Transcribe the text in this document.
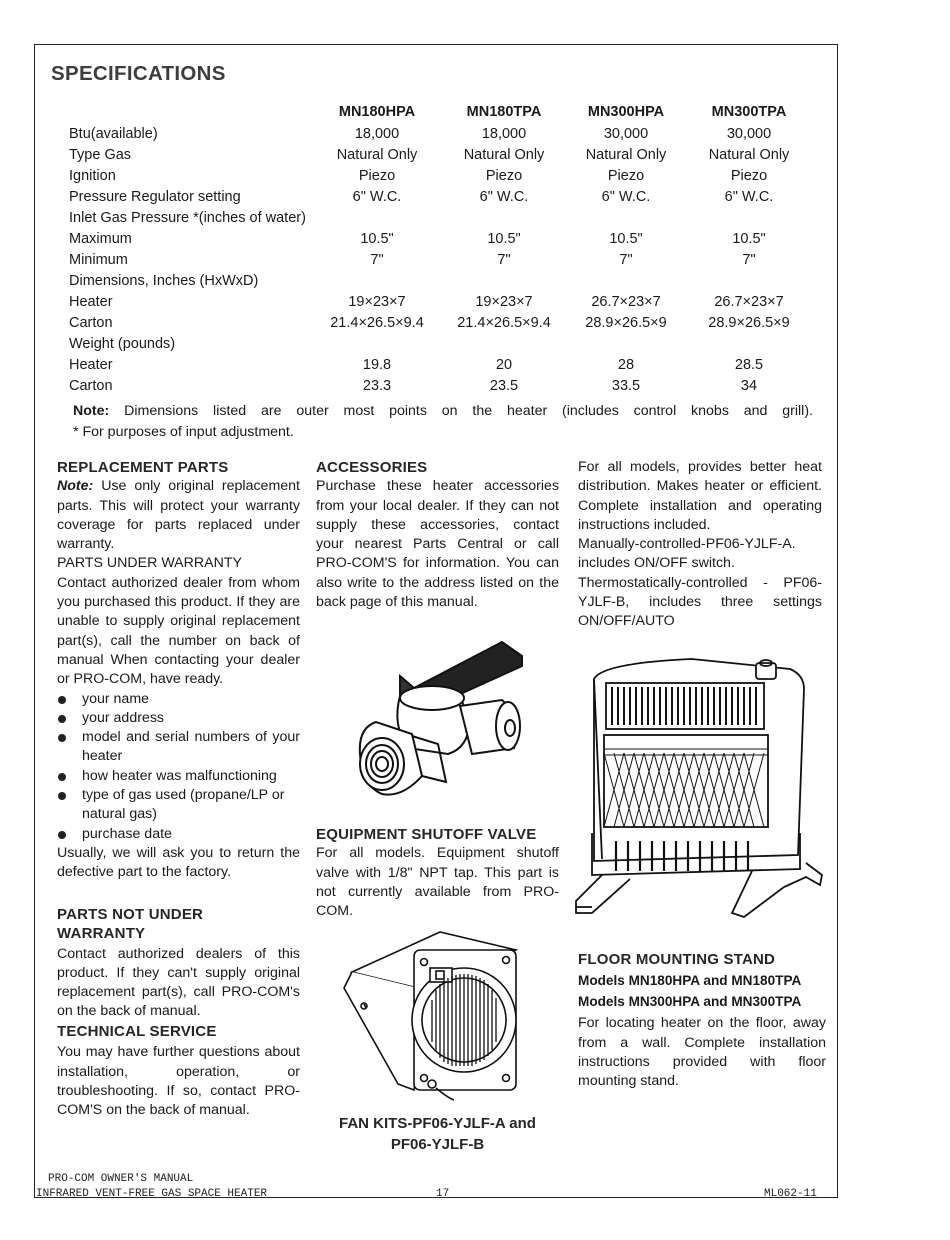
SPECIFICATIONS
MN180HPA	MN180TPA	MN300HPA	MN300TPA
Btu(available)	18,000	18,000	30,000	30,000
Type Gas	Natural Only	Natural Only	Natural Only	Natural Only
Ignition	Piezo	Piezo	Piezo	Piezo
Pressure Regulator setting	6" W.C.	6" W.C.	6" W.C.	6" W.C.
Inlet Gas Pressure *(inches of water)
Maximum	10.5"	10.5"	10.5"	10.5"
Minimum	7"	7"	7"	7"
Dimensions, Inches (HxWxD)
Heater	19×23×7	19×23×7	26.7×23×7	26.7×23×7
Carton	21.4×26.5×9.4	21.4×26.5×9.4	28.9×26.5×9	28.9×26.5×9
Weight (pounds)
Heater	19.8	20	28	28.5
Carton	23.3	23.5	33.5	34

Note: Dimensions listed are outer most points on the heater (includes control knobs and grill).

* For purposes of input adjustment.

REPLACEMENT PARTS

Note: Use only original replacement parts. This will protect your warranty coverage for parts replaced under warranty.

PARTS UNDER WARRANTY

Contact authorized dealer from whom you purchased this product. If they are unable to supply original replacement part(s), call the number on back of manual When contacting your dealer or PRO-COM, have ready.

your name
your address
model and serial numbers of your heater
how heater was malfunctioning
type of gas used (propane/LP or natural gas)
purchase date

Usually, we will ask you to return the defective part to the factory.

PARTS NOT UNDER WARRANTY

Contact authorized dealers of this product. If they can't supply original replacement part(s), call PRO-COM's on the back of manual.

TECHNICAL SERVICE

You may have further questions about installation, operation, or troubleshooting. If so, contact PRO-COM'S on the back of manual.

ACCESSORIES

Purchase these heater accessories from your local dealer. If they can not supply these accessories, contact your nearest Parts Central or call PRO-COM'S for information. You can also write to the address listed on the back page of this manual.

EQUIPMENT SHUTOFF VALVE

For all models. Equipment shutoff valve with 1/8" NPT tap. This part is not currently available from PRO-COM.

FAN KITS-PF06-YJLF-A and
PF06-YJLF-B

For all models, provides better heat distribution. Makes heater or efficient. Complete installation and operating instructions included.

Manually-controlled-PF06-YJLF-A. includes ON/OFF switch.

Thermostatically-controlled - PF06-YJLF-B, includes three settings ON/OFF/AUTO

FLOOR MOUNTING STAND

Models MN180HPA and MN180TPA

Models MN300HPA and MN300TPA

For locating heater on the floor, away from a wall. Complete installation instructions provided with floor mounting stand.

PRO-COM OWNER'S MANUAL
INFRARED VENT-FREE GAS SPACE HEATER	17	ML062-11
